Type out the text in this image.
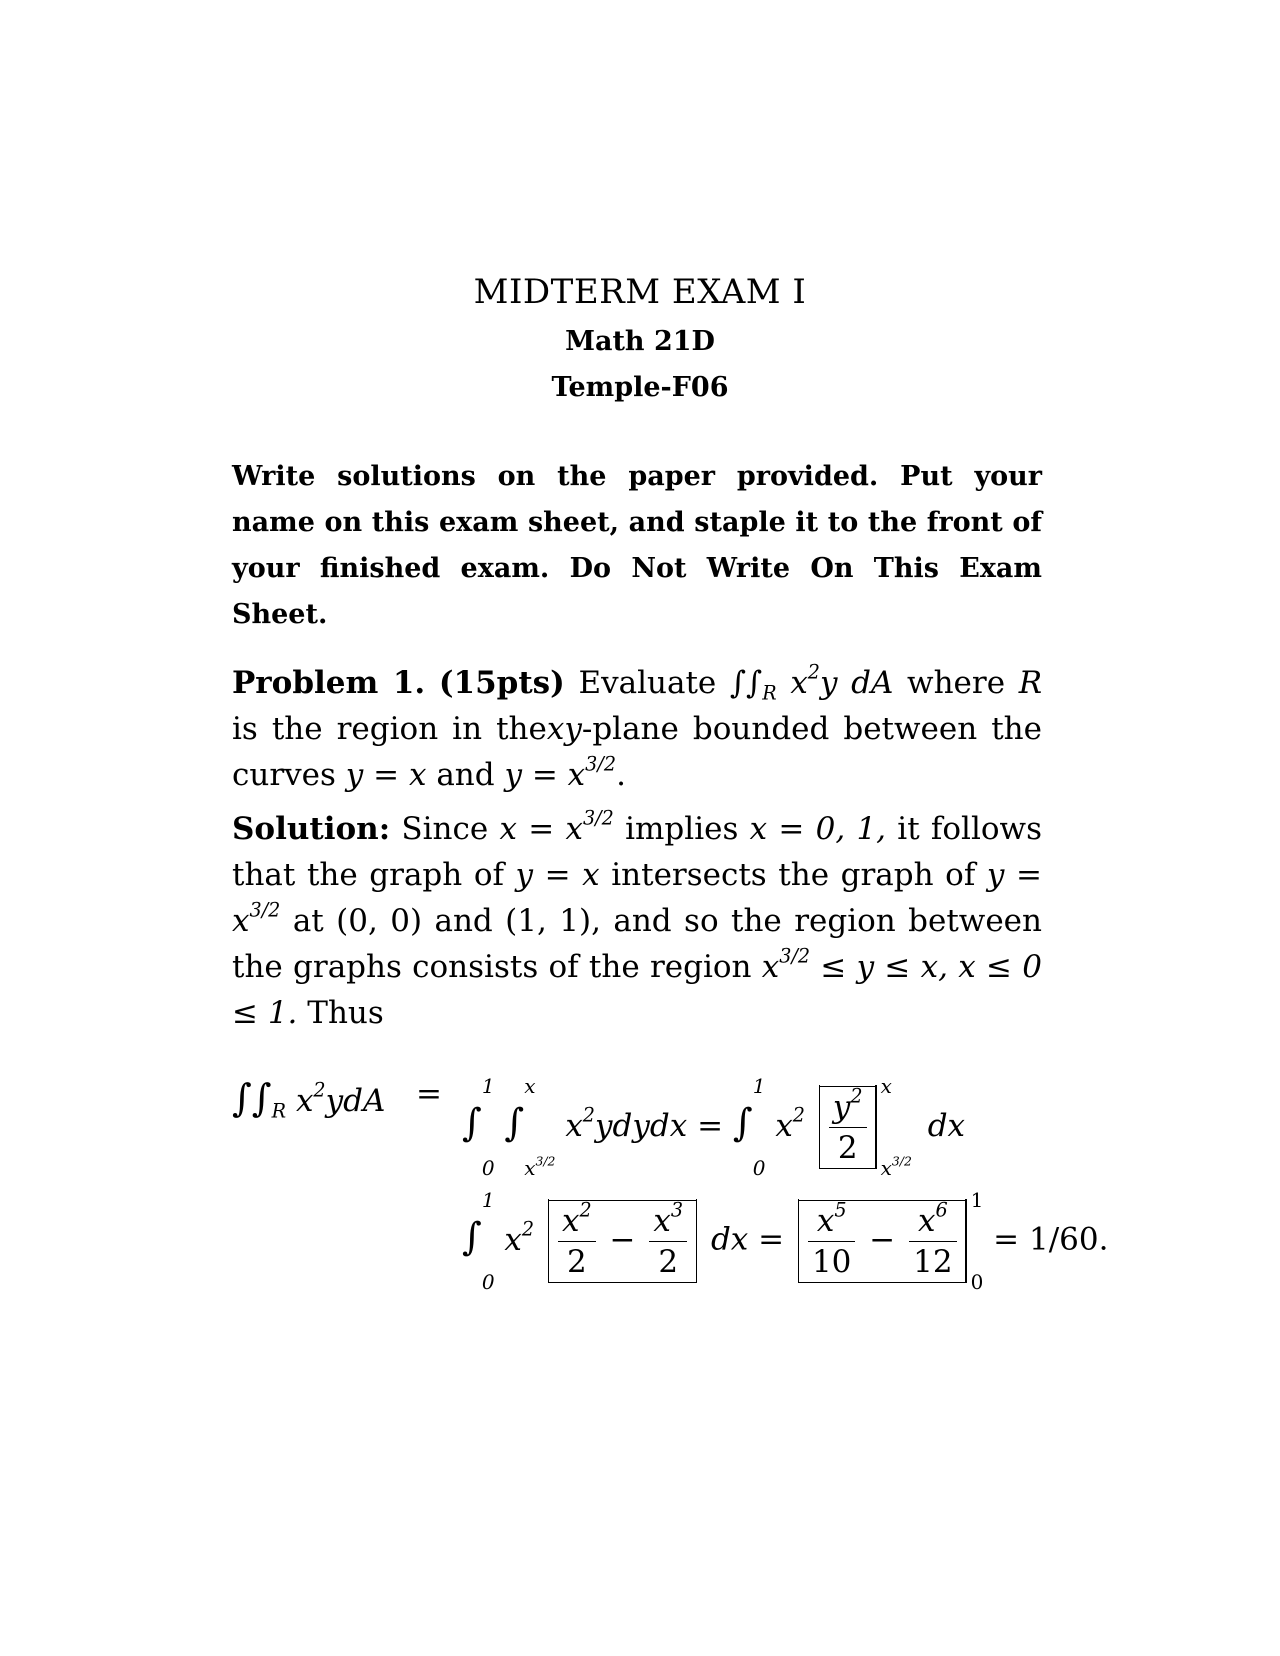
MIDTERM EXAM I
Math 21D
Temple-F06
Write solutions on the paper provided. Put your name on this exam sheet, and staple it to the front of your finished exam. Do Not Write On This Exam Sheet.
Problem 1. (15pts) Evaluate $\int\int_R$ $x^2y$ dA where R is the region in thexy-plane bounded between the curves y = x and $y = x^{3/2}$.
Solution: Since $x = x^{3/2}$ implies x = 0, 1, it follows that the graph of y = x intersects the graph of $y = x^{3/2}$ at (0, 0) and (1, 1), and so the region between the graphs consists of the region $x^{3/2} \le y \le x$, x ≤ 0 ≤ 1. Thus
$\int\int_R$ $x^2ydA$ =
∫
1
0
∫
x
$x^{3/2}$
$x^2ydydx$ = ∫
1
0
$x^2 \frac{y^2}{2}$
x
$x^{3/2}$
dx
∫
1
0
$x^2 \frac{x^2}{2} - \frac{x^3}{2}$ dx = $\frac{x^5}{10} - \frac{x^6}{12}$
1
0
= 1/60.
